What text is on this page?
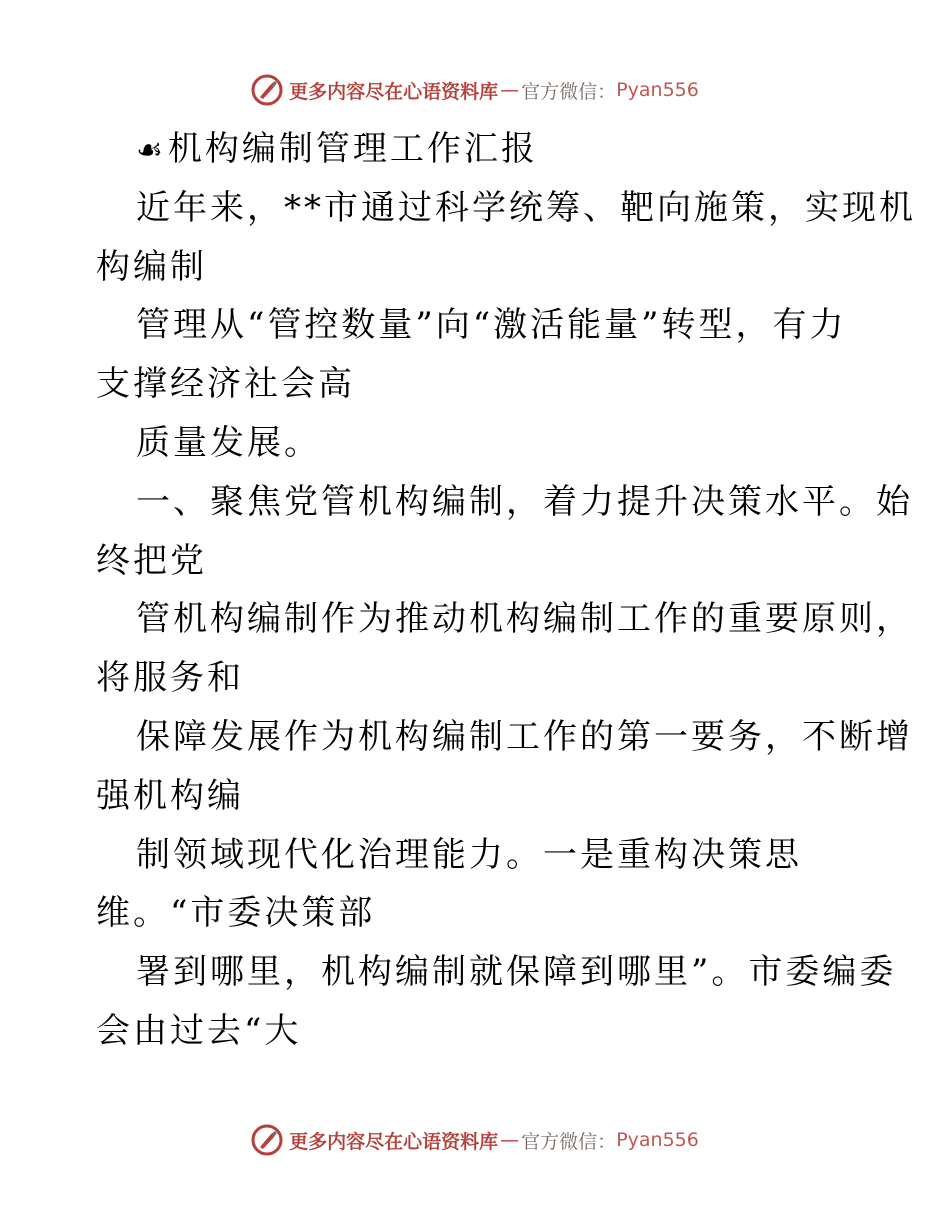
更多内容尽在心语资料库 — 官方微信： Pyan556
☙机构编制管理工作汇报
近年来，**市通过科学统筹、靶向施策，实现机
构编制
管理从“管控数量”向“激活能量”转型，有力
支撑经济社会高
质量发展。
一、聚焦党管机构编制，着力提升决策水平。始
终把党
管机构编制作为推动机构编制工作的重要原则，
将服务和
保障发展作为机构编制工作的第一要务，不断增
强机构编
制领域现代化治理能力。一是重构决策思
维。“市委决策部
署到哪里，机构编制就保障到哪里”。市委编委
会由过去“大
更多内容尽在心语资料库 — 官方微信： Pyan556
